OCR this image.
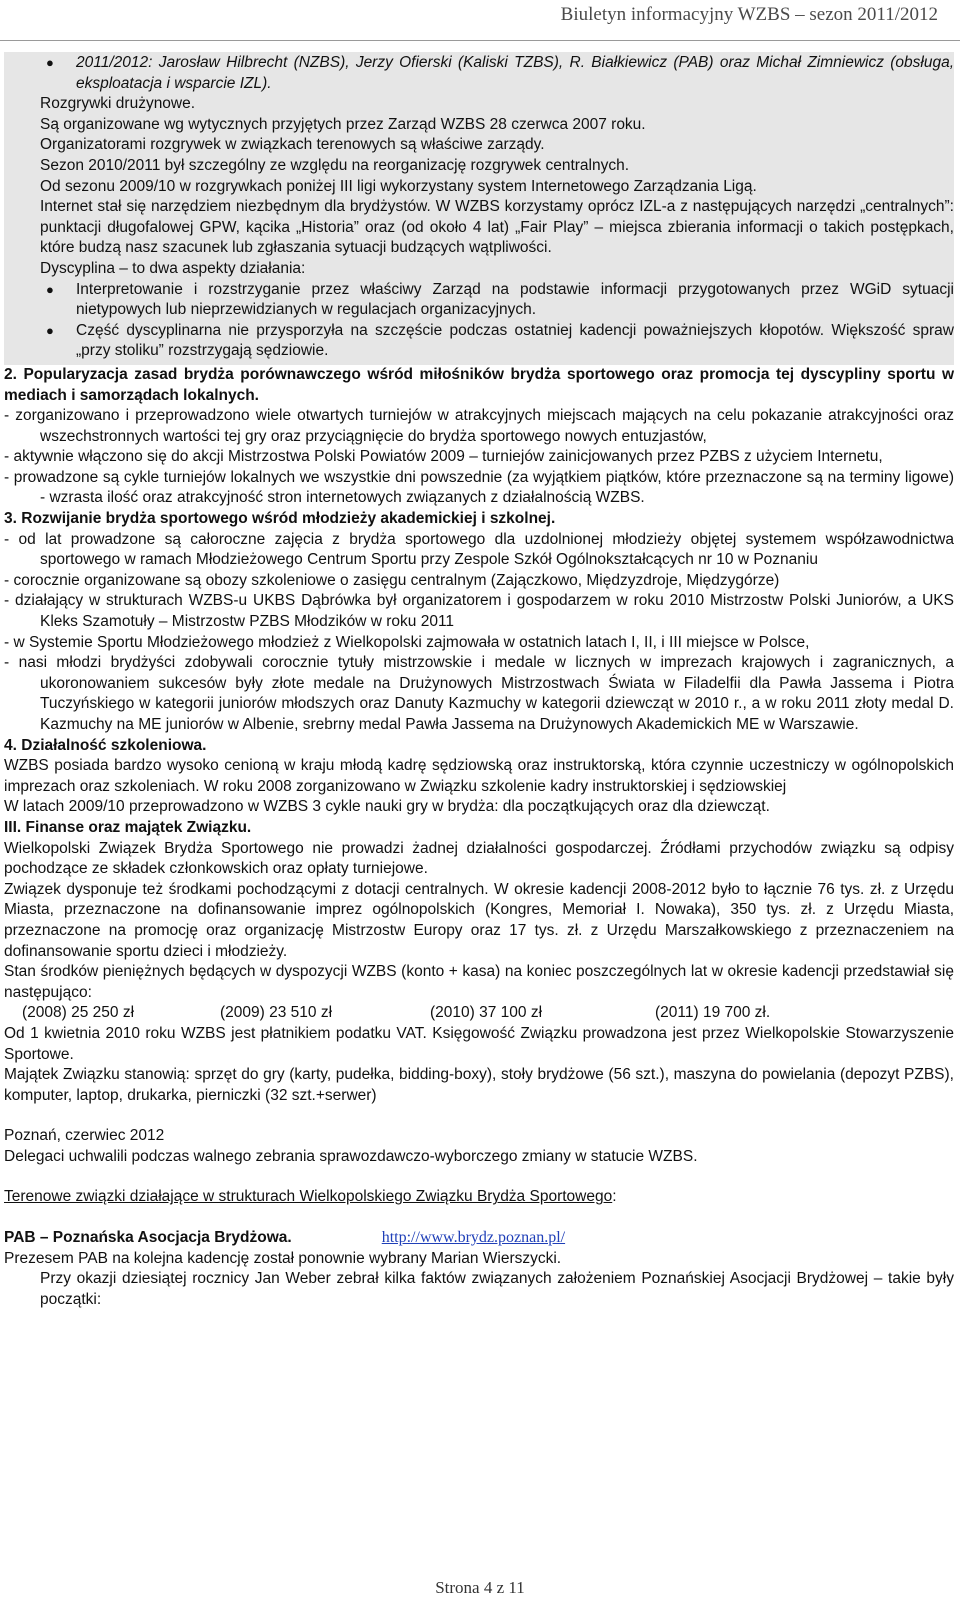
Biuletyn informacyjny WZBS – sezon 2011/2012

● 2011/2012: Jarosław Hilbrecht (NZBS), Jerzy Ofierski (Kaliski TZBS), R. Białkiewicz (PAB) oraz Michał Zimniewicz (obsługa, eksploatacja i wsparcie IZL).

Rozgrywki drużynowe.

Są organizowane wg wytycznych przyjętych przez Zarząd WZBS 28 czerwca 2007 roku.

Organizatorami rozgrywek w związkach terenowych są właściwe zarządy.

Sezon 2010/2011 był szczególny ze względu na reorganizację rozgrywek centralnych.

Od sezonu 2009/10 w rozgrywkach poniżej III ligi wykorzystany system Internetowego Zarządzania Ligą.

Internet stał się narzędziem niezbędnym dla brydżystów. W WZBS korzystamy oprócz IZL-a z następujących narzędzi „centralnych”: punktacji długofalowej GPW, kącika „Historia” oraz (od około 4 lat) „Fair Play” – miejsca zbierania informacji o takich postępkach, które budzą nasz szacunek lub zgłaszania sytuacji budzących wątpliwości.

Dyscyplina – to dwa aspekty działania:

● Interpretowanie i rozstrzyganie przez właściwy Zarząd na podstawie informacji przygotowanych przez WGiD sytuacji nietypowych lub nieprzewidzianych w regulacjach organizacyjnych.

● Część dyscyplinarna nie przysporzyła na szczęście podczas ostatniej kadencji poważniejszych kłopotów. Większość spraw „przy stoliku” rozstrzygają sędziowie.

2. Popularyzacja zasad brydża porównawczego wśród miłośników brydża sportowego oraz promocja tej dyscypliny sportu w mediach i samorządach lokalnych.

- zorganizowano i przeprowadzono wiele otwartych turniejów w atrakcyjnych miejscach mających na celu pokazanie atrakcyjności oraz wszechstronnych wartości tej gry oraz przyciągnięcie do brydża sportowego nowych entuzjastów,

- aktywnie włączono się do akcji Mistrzostwa Polski Powiatów 2009 – turniejów zainicjowanych przez PZBS z użyciem Internetu,

- prowadzone są cykle turniejów lokalnych we wszystkie dni powszednie (za wyjątkiem piątków, które przeznaczone są na terminy ligowe) - wzrasta ilość oraz atrakcyjność stron internetowych związanych z działalnością WZBS.

3. Rozwijanie brydża sportowego wśród młodzieży akademickiej i szkolnej.

- od lat prowadzone są całoroczne zajęcia z brydża sportowego dla uzdolnionej młodzieży objętej systemem współzawodnictwa sportowego w ramach Młodzieżowego Centrum Sportu przy Zespole Szkół Ogólnokształcących nr 10 w Poznaniu

- corocznie organizowane są obozy szkoleniowe o zasięgu centralnym (Zajączkowo, Międzyzdroje, Międzygórze)

- działający w strukturach WZBS-u UKBS Dąbrówka był organizatorem i gospodarzem w roku 2010 Mistrzostw Polski Juniorów, a UKS Kleks Szamotuły – Mistrzostw PZBS Młodzików w roku 2011

- w Systemie Sportu Młodzieżowego młodzież z Wielkopolski zajmowała w ostatnich latach I, II, i III miejsce w Polsce,

- nasi młodzi brydżyści zdobywali corocznie tytuły mistrzowskie i medale w licznych w imprezach krajowych i zagranicznych, a ukoronowaniem sukcesów były złote medale na Drużynowych Mistrzostwach Świata w Filadelfii dla Pawła Jassema i Piotra Tuczyńskiego w kategorii juniorów młodszych oraz Danuty Kazmuchy w kategorii dziewcząt w 2010 r., a w roku 2011 złoty medal D. Kazmuchy na ME juniorów w Albenie, srebrny medal Pawła Jassema na Drużynowych Akademickich ME w Warszawie.

4. Działalność szkoleniowa.

WZBS posiada bardzo wysoko cenioną w kraju młodą kadrę sędziowską oraz instruktorską, która czynnie uczestniczy w ogólnopolskich imprezach oraz szkoleniach. W roku 2008 zorganizowano w Związku szkolenie kadry instruktorskiej i sędziowskiej

W latach 2009/10 przeprowadzono w WZBS 3 cykle nauki gry w brydża: dla początkujących oraz dla dziewcząt.

III. Finanse oraz majątek Związku.

Wielkopolski Związek Brydża Sportowego nie prowadzi żadnej działalności gospodarczej. Źródłami przychodów związku są odpisy pochodzące ze składek członkowskich oraz opłaty turniejowe.

Związek dysponuje też środkami pochodzącymi z dotacji centralnych. W okresie kadencji 2008-2012 było to łącznie 76 tys. zł. z Urzędu Miasta, przeznaczone na dofinansowanie imprez ogólnopolskich (Kongres, Memoriał I. Nowaka), 350 tys. zł. z Urzędu Miasta, przeznaczone na promocję oraz organizację Mistrzostw Europy oraz 17 tys. zł. z Urzędu Marszałkowskiego z przeznaczeniem na dofinansowanie sportu dzieci i młodzieży.

Stan środków pieniężnych będących w dyspozycji WZBS (konto + kasa) na koniec poszczególnych lat w okresie kadencji przedstawiał się następująco:

(2008) 25 250 zł	(2009) 23 510 zł	(2010) 37 100 zł	(2011) 19 700 zł.

Od 1 kwietnia 2010 roku WZBS jest płatnikiem podatku VAT. Księgowość Związku prowadzona jest przez Wielkopolskie Stowarzyszenie Sportowe.

Majątek Związku stanowią: sprzęt do gry (karty, pudełka, bidding-boxy), stoły brydżowe (56 szt.), maszyna do powielania (depozyt PZBS), komputer, laptop, drukarka, pierniczki (32 szt.+serwer)

Poznań, czerwiec 2012

Delegaci uchwalili podczas walnego zebrania sprawozdawczo-wyborczego zmiany w statucie WZBS.

Terenowe związki działające w strukturach Wielkopolskiego Związku Brydża Sportowego:

PAB – Poznańska Asocjacja Brydżowa.	http://www.brydz.poznan.pl/

Prezesem PAB na kolejna kadencję został ponownie wybrany Marian Wierszycki.

Przy okazji dziesiątej rocznicy Jan Weber zebrał kilka faktów związanych założeniem Poznańskiej Asocjacji Brydżowej – takie były początki:

Strona 4 z 11
